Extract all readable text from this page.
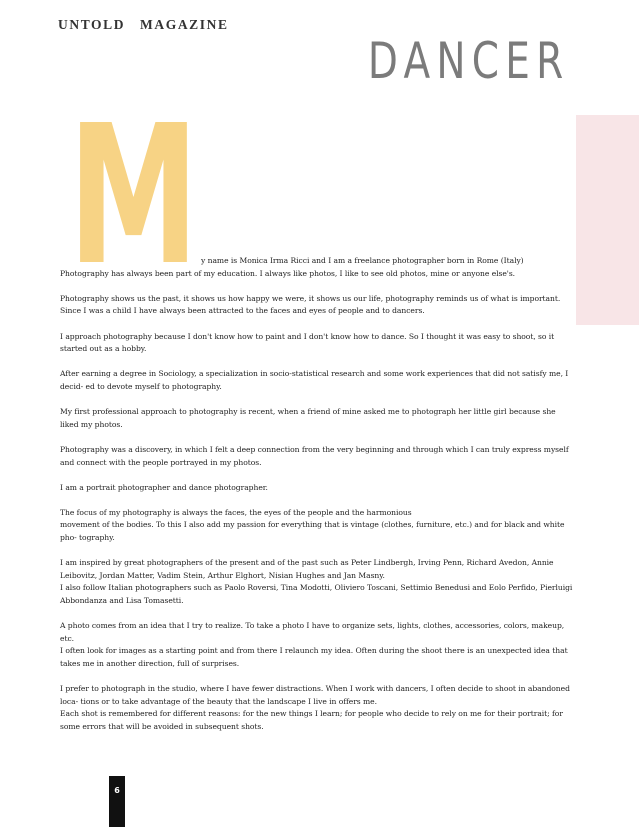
UNTOLD   MAGAZINE
DANCER
M y name is Monica Irma Ricci and I am a freelance photographer born in Rome (Italy)
Photography has always been part of my education. I always like photos, I like to see old photos, mine or anyone else's.

Photography shows us the past, it shows us how happy we were, it shows us our life, photography reminds us of what is important.
Since I was a child I have always been attracted to the faces and eyes of people and to dancers.

I approach photography because I don't know how to paint and I don't know how to dance. So I thought it was easy to shoot, so it started out as a hobby.

After earning a degree in Sociology, a specialization in socio-statistical research and some work experiences that did not satisfy me, I decid- ed to devote myself to photography.

My first professional approach to photography is recent, when a friend of mine asked me to photograph her little girl because she liked my photos.

Photography was a discovery, in which I felt a deep connection from the very beginning and through which I can truly express myself and connect with the people portrayed in my photos.

I am a portrait photographer and dance photographer.

The focus of my photography is always the faces, the eyes of the people and the harmonious
movement of the bodies. To this I also add my passion for everything that is vintage (clothes, furniture, etc.) and for black and white pho- tography.

I am inspired by great photographers of the present and of the past such as Peter Lindbergh, Irving Penn, Richard Avedon, Annie Leibovitz, Jordan Matter, Vadim Stein, Arthur Elghort, Nisian Hughes and Jan Masny.
I also follow Italian photographers such as Paolo Roversi, Tina Modotti, Oliviero Toscani, Settimio Benedusi and Eolo Perfido, Pierluigi Abbondanza and Lisa Tomasetti.

A photo comes from an idea that I try to realize. To take a photo I have to organize sets, lights, clothes, accessories, colors, makeup, etc.
I often look for images as a starting point and from there I relaunch my idea. Often during the shoot there is an unexpected idea that takes me in another direction, full of surprises.

I prefer to photograph in the studio, where I have fewer distractions. When I work with dancers, I often decide to shoot in abandoned loca- tions or to take advantage of the beauty that the landscape I live in offers me.
Each shot is remembered for different reasons: for the new things I learn; for people who decide to rely on me for their portrait; for some errors that will be avoided in subsequent shots.

6
